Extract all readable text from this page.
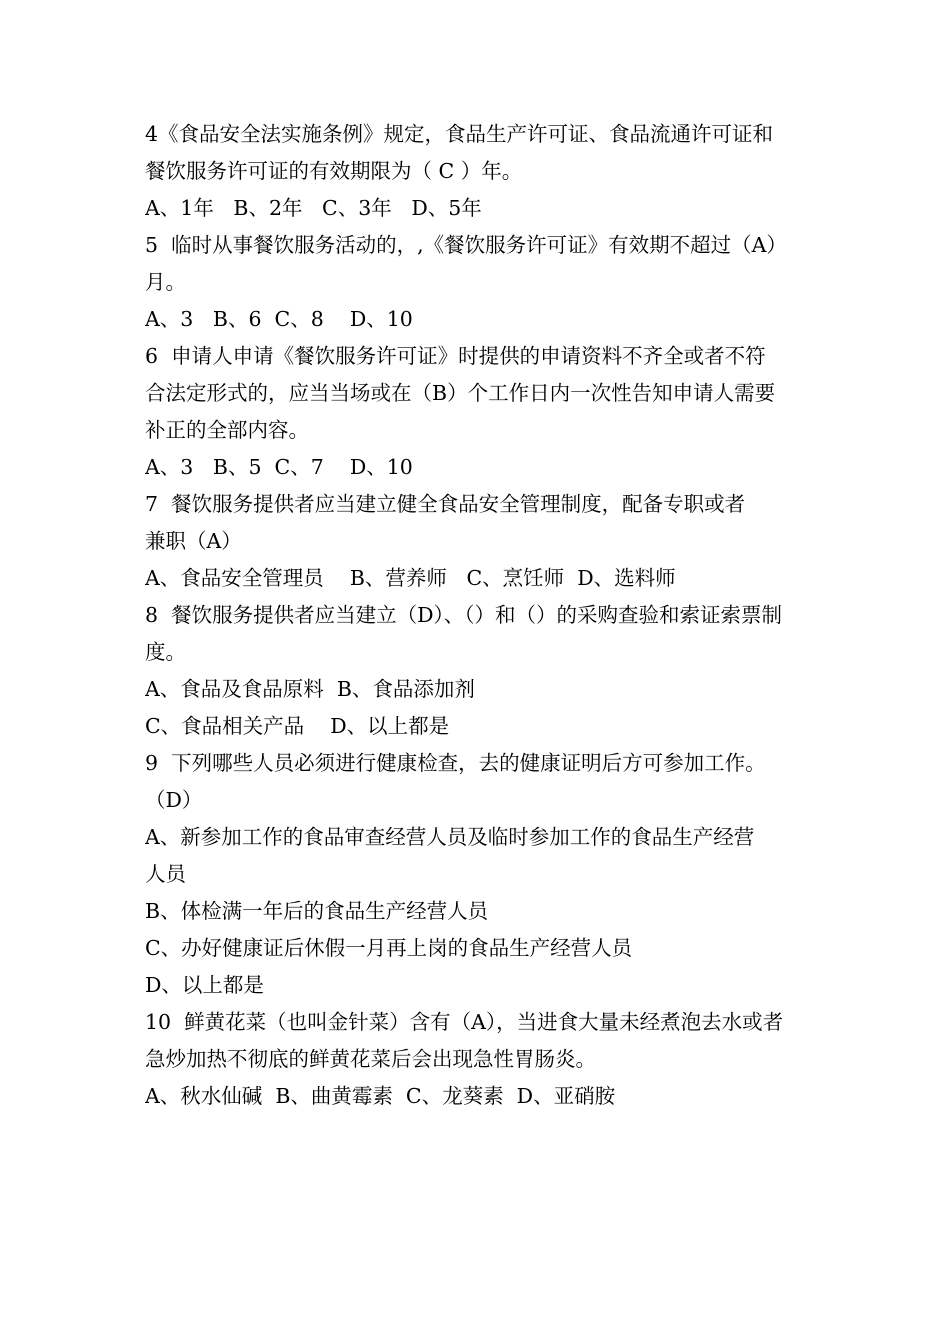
4《食品安全法实施条例》规定，食品生产许可证、食品流通许可证和
餐饮服务许可证的有效期限为（ C ）年。
A、1年   B、2年   C、3年   D、5年
5  临时从事餐饮服务活动的，,《餐饮服务许可证》有效期不超过（A）
月。
A、3   B、6  C、8    D、10
6  申请人申请《餐饮服务许可证》时提供的申请资料不齐全或者不符
合法定形式的，应当当场或在（B）个工作日内一次性告知申请人需要
补正的全部内容。
A、3   B、5  C、7    D、10
7  餐饮服务提供者应当建立健全食品安全管理制度，配备专职或者
兼职（A）
A、食品安全管理员    B、营养师   C、烹饪师  D、选料师
8  餐饮服务提供者应当建立（D）、（）和（）的采购查验和索证索票制
度。
A、食品及食品原料  B、食品添加剂
C、食品相关产品    D、以上都是
9  下列哪些人员必须进行健康检查，去的健康证明后方可参加工作。
（D）
A、新参加工作的食品审查经营人员及临时参加工作的食品生产经营
人员
B、体检满一年后的食品生产经营人员
C、办好健康证后休假一月再上岗的食品生产经营人员
D、以上都是
10  鲜黄花菜（也叫金针菜）含有（A），当进食大量未经煮泡去水或者
急炒加热不彻底的鲜黄花菜后会出现急性胃肠炎。
A、秋水仙碱  B、曲黄霉素  C、龙葵素  D、亚硝胺
